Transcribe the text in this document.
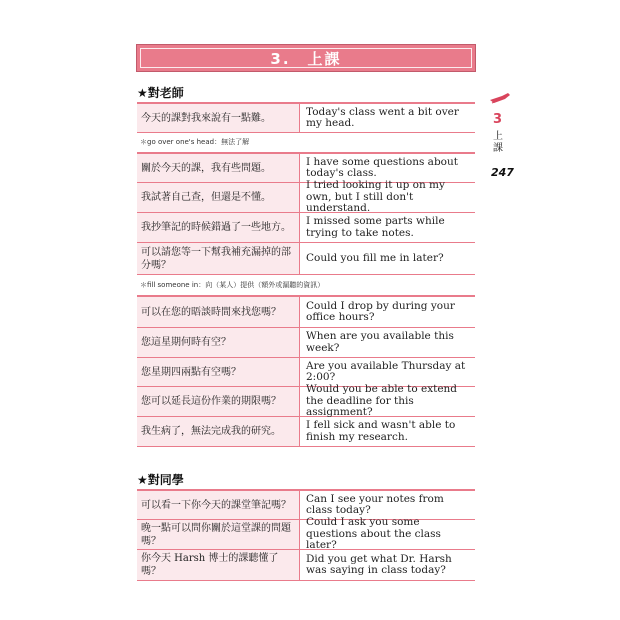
3.　上課
3
上課
247
★對老師
今天的課對我來說有一點難。
Today's class went a bit over my head.
＊go over one's head：無法了解
關於今天的課，我有些問題。
I have some questions about today's class.
我試著自己查，但還是不懂。
I tried looking it up on my own, but I still don't understand.
我抄筆記的時候錯過了一些地方。
I missed some parts while trying to take notes.
可以請您等一下幫我補充漏掉的部分嗎？
Could you fill me in later?
＊fill someone in：向（某人）提供（額外或漏聽的資訊）
可以在您的晤談時間來找您嗎？
Could I drop by during your office hours?
您這星期何時有空？
When are you available this week?
您星期四兩點有空嗎？
Are you available Thursday at 2:00?
您可以延長這份作業的期限嗎？
Would you be able to extend the deadline for this assignment?
我生病了，無法完成我的研究。
I fell sick and wasn't able to finish my research.
★對同學
可以看一下你今天的課堂筆記嗎？
Can I see your notes from class today?
晚一點可以問你關於這堂課的問題嗎？
Could I ask you some questions about the class later?
你今天 Harsh 博士的課聽懂了嗎？
Did you get what Dr. Harsh was saying in class today?
